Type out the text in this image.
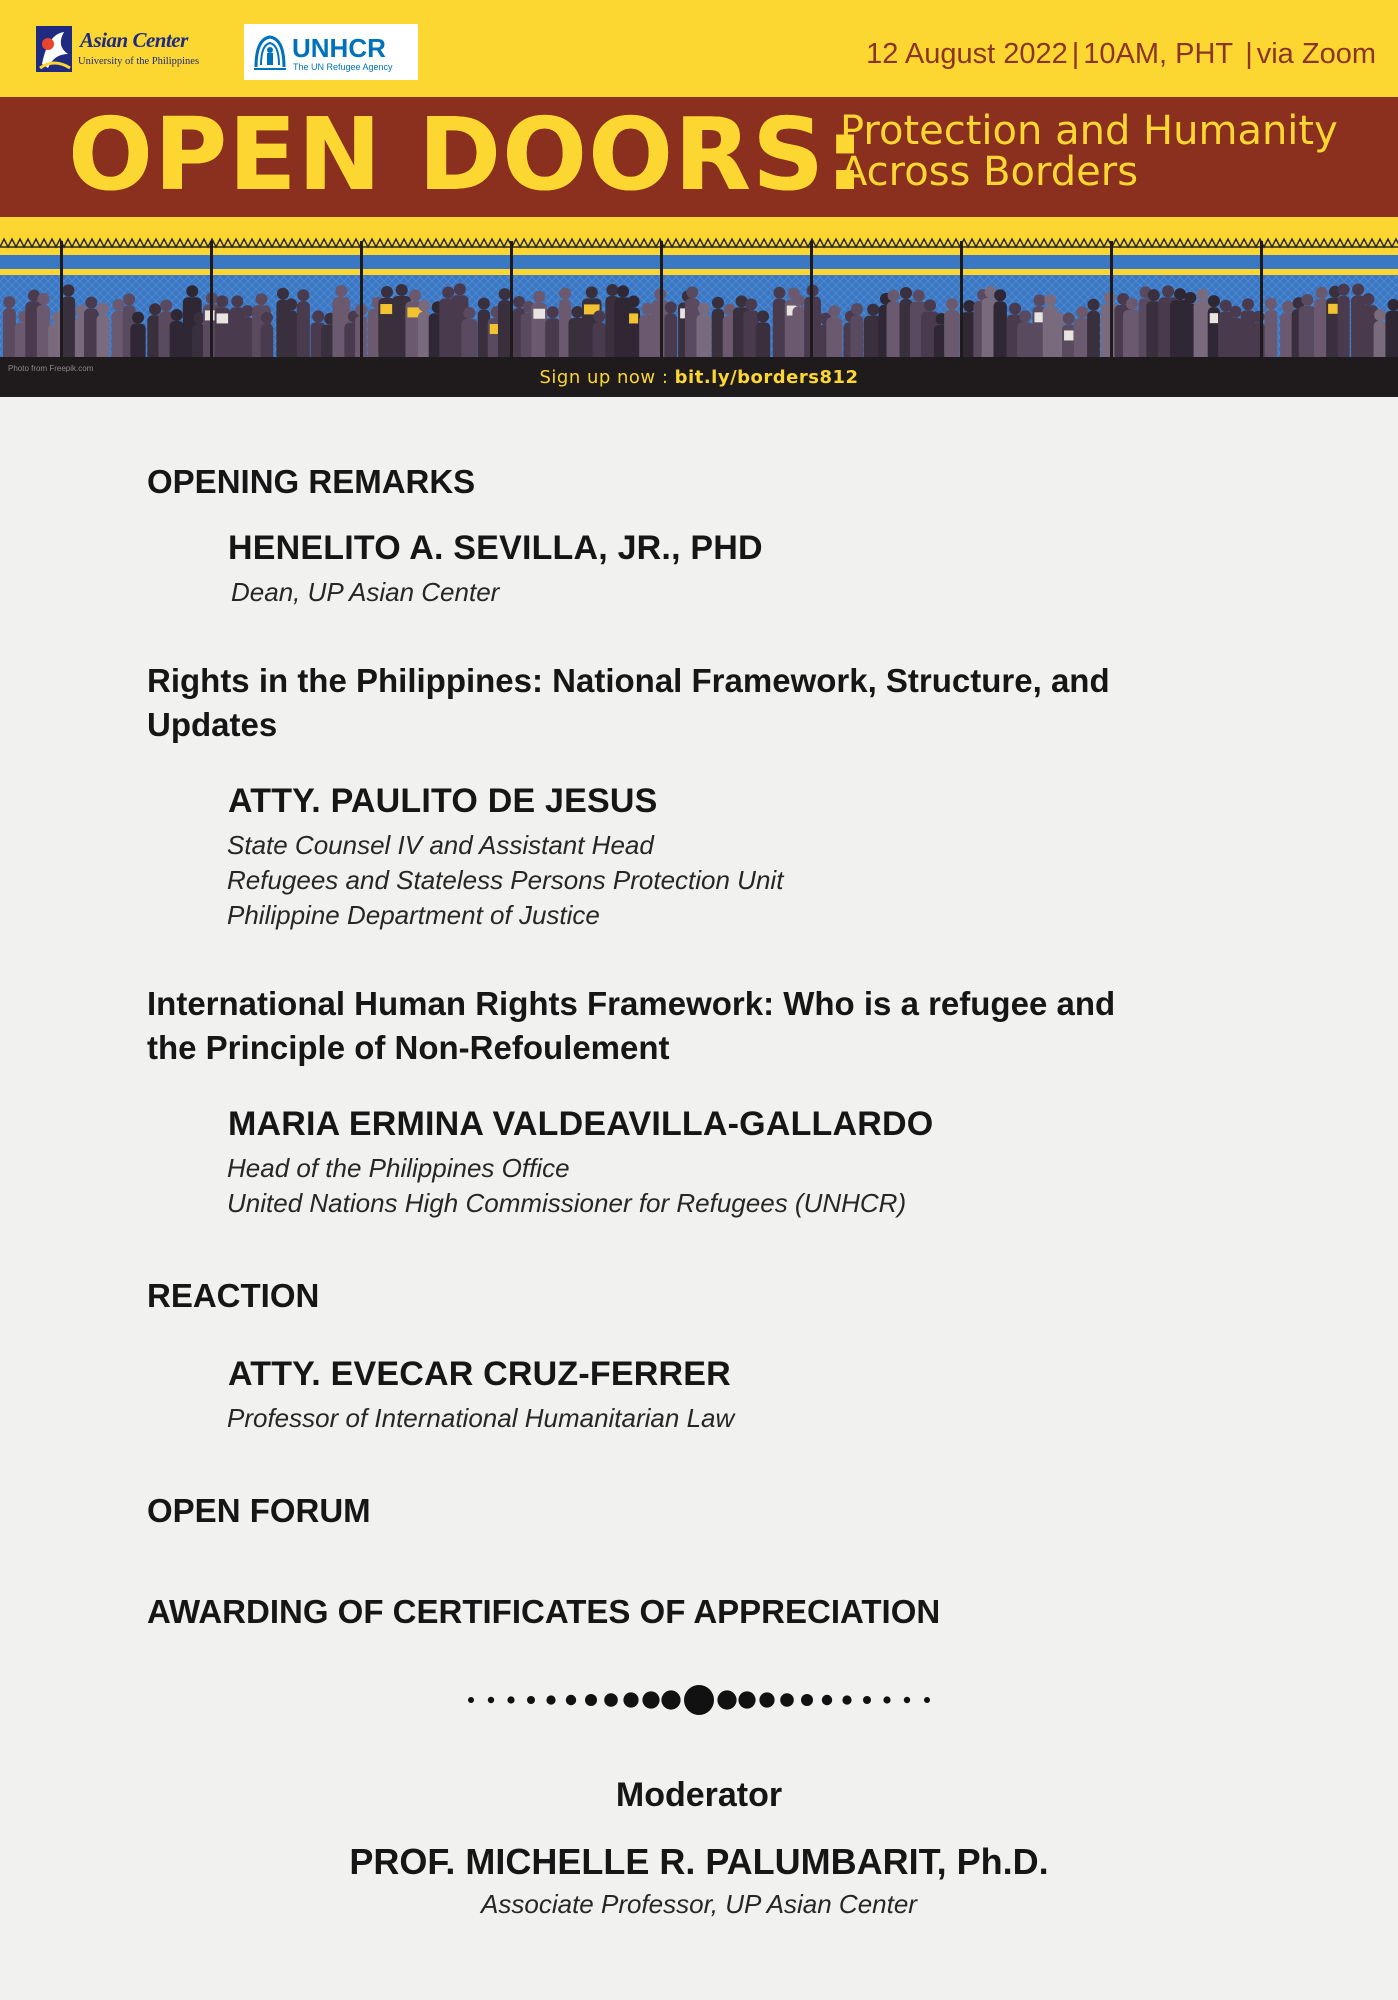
Asian Center
University of the Philippines	UNHCR
The UN Refugee Agency	12 August 2022 | 10AM, PHT | via Zoom
OPEN DOORS:
Protection and Humanity
Across Borders
Photo from Freepik.com	Sign up now : bit.ly/borders812
OPENING REMARKS
HENELITO A. SEVILLA, JR., PHD
Dean, UP Asian Center
Rights in the Philippines: National Framework, Structure, and
Updates
ATTY. PAULITO DE JESUS
State Counsel IV and Assistant Head
Refugees and Stateless Persons Protection Unit
Philippine Department of Justice
International Human Rights Framework: Who is a refugee and
the Principle of Non-Refoulement
MARIA ERMINA VALDEAVILLA-GALLARDO
Head of the Philippines Office
United Nations High Commissioner for Refugees (UNHCR)
REACTION
ATTY. EVECAR CRUZ-FERRER
Professor of International Humanitarian Law
OPEN FORUM
AWARDING OF CERTIFICATES OF APPRECIATION
Moderator
PROF. MICHELLE R. PALUMBARIT, Ph.D.
Associate Professor, UP Asian Center
